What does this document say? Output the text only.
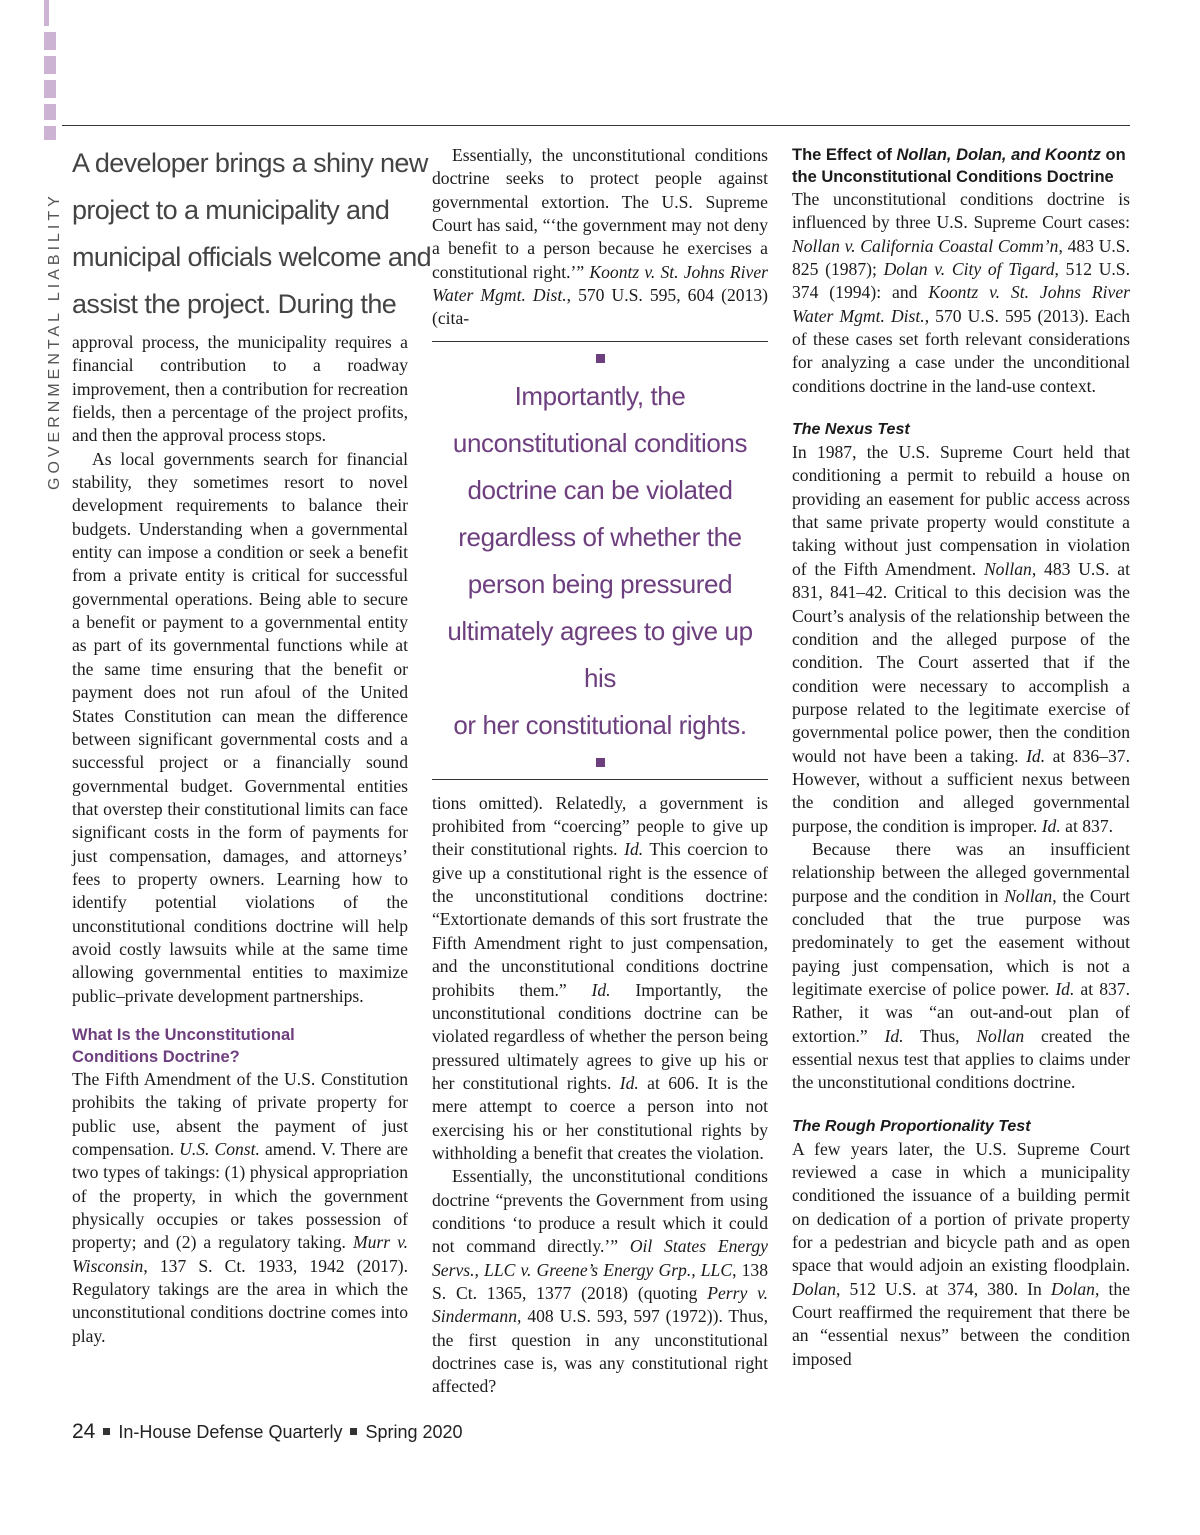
GOVERNMENTAL LIABILITY
A developer brings a shiny new
project to a municipality and
municipal officials welcome and
assist the project. During the

approval process, the municipality requires a financial contribution to a roadway improvement, then a contribution for recreation fields, then a percentage of the project profits, and then the approval process stops.

As local governments search for financial stability, they sometimes resort to novel development requirements to balance their budgets. Understanding when a governmental entity can impose a condition or seek a benefit from a private entity is critical for successful governmental operations. Being able to secure a benefit or payment to a governmental entity as part of its governmental functions while at the same time ensuring that the benefit or payment does not run afoul of the United States Constitution can mean the difference between significant governmental costs and a successful project or a financially sound governmental budget. Governmental entities that overstep their constitutional limits can face significant costs in the form of payments for just compensation, damages, and attorneys’ fees to property owners. Learning how to identify potential violations of the unconstitutional conditions doctrine will help avoid costly lawsuits while at the same time allowing governmental entities to maximize public–private development partnerships.

What Is the Unconstitutional
Conditions Doctrine?

The Fifth Amendment of the U.S. Constitution prohibits the taking of private property for public use, absent the payment of just compensation. U.S. Const. amend. V. There are two types of takings: (1) physical appropriation of the property, in which the government physically occupies or takes possession of property; and (2) a regulatory taking. Murr v. Wisconsin, 137 S. Ct. 1933, 1942 (2017). Regulatory takings are the area in which the unconstitutional conditions doctrine comes into play.

Essentially, the unconstitutional conditions doctrine seeks to protect people against governmental extortion. The U.S. Supreme Court has said, “‘the government may not deny a benefit to a person because he exercises a constitutional right.’” Koontz v. St. Johns River Water Mgmt. Dist., 570 U.S. 595, 604 (2013) (cita-

Importantly, the
unconstitutional conditions
doctrine can be violated
regardless of whether the
person being pressured
ultimately agrees to give up his
or her constitutional rights.

tions omitted). Relatedly, a government is prohibited from “coercing” people to give up their constitutional rights. Id. This coercion to give up a constitutional right is the essence of the unconstitutional conditions doctrine: “Extortionate demands of this sort frustrate the Fifth Amendment right to just compensation, and the unconstitutional conditions doctrine prohibits them.” Id. Importantly, the unconstitutional conditions doctrine can be violated regardless of whether the person being pressured ultimately agrees to give up his or her constitutional rights. Id. at 606. It is the mere attempt to coerce a person into not exercising his or her constitutional rights by withholding a benefit that creates the violation.

Essentially, the unconstitutional conditions doctrine “prevents the Government from using conditions ‘to produce a result which it could not command directly.’” Oil States Energy Servs., LLC v. Greene’s Energy Grp., LLC, 138 S. Ct. 1365, 1377 (2018) (quoting Perry v. Sindermann, 408 U.S. 593, 597 (1972)). Thus, the first question in any unconstitutional doctrines case is, was any constitutional right affected?

The Effect of Nollan, Dolan, and Koontz on the Unconstitutional Conditions Doctrine

The unconstitutional conditions doctrine is influenced by three U.S. Supreme Court cases: Nollan v. California Coastal Comm’n, 483 U.S. 825 (1987); Dolan v. City of Tigard, 512 U.S. 374 (1994): and Koontz v. St. Johns River Water Mgmt. Dist., 570 U.S. 595 (2013). Each of these cases set forth relevant considerations for analyzing a case under the unconditional conditions doctrine in the land-use context.

The Nexus Test

In 1987, the U.S. Supreme Court held that conditioning a permit to rebuild a house on providing an easement for public access across that same private property would constitute a taking without just compensation in violation of the Fifth Amendment. Nollan, 483 U.S. at 831, 841–42. Critical to this decision was the Court’s analysis of the relationship between the condition and the alleged purpose of the condition. The Court asserted that if the condition were necessary to accomplish a purpose related to the legitimate exercise of governmental police power, then the condition would not have been a taking. Id. at 836–37. However, without a sufficient nexus between the condition and alleged governmental purpose, the condition is improper. Id. at 837.

Because there was an insufficient relationship between the alleged governmental purpose and the condition in Nollan, the Court concluded that the true purpose was predominately to get the easement without paying just compensation, which is not a legitimate exercise of police power. Id. at 837. Rather, it was “an out-and-out plan of extortion.” Id. Thus, Nollan created the essential nexus test that applies to claims under the unconstitutional conditions doctrine.

The Rough Proportionality Test

A few years later, the U.S. Supreme Court reviewed a case in which a municipality conditioned the issuance of a building permit on dedication of a portion of private property for a pedestrian and bicycle path and as open space that would adjoin an existing floodplain. Dolan, 512 U.S. at 374, 380. In Dolan, the Court reaffirmed the requirement that there be an “essential nexus” between the condition imposed

24 In-House Defense Quarterly Spring 2020
